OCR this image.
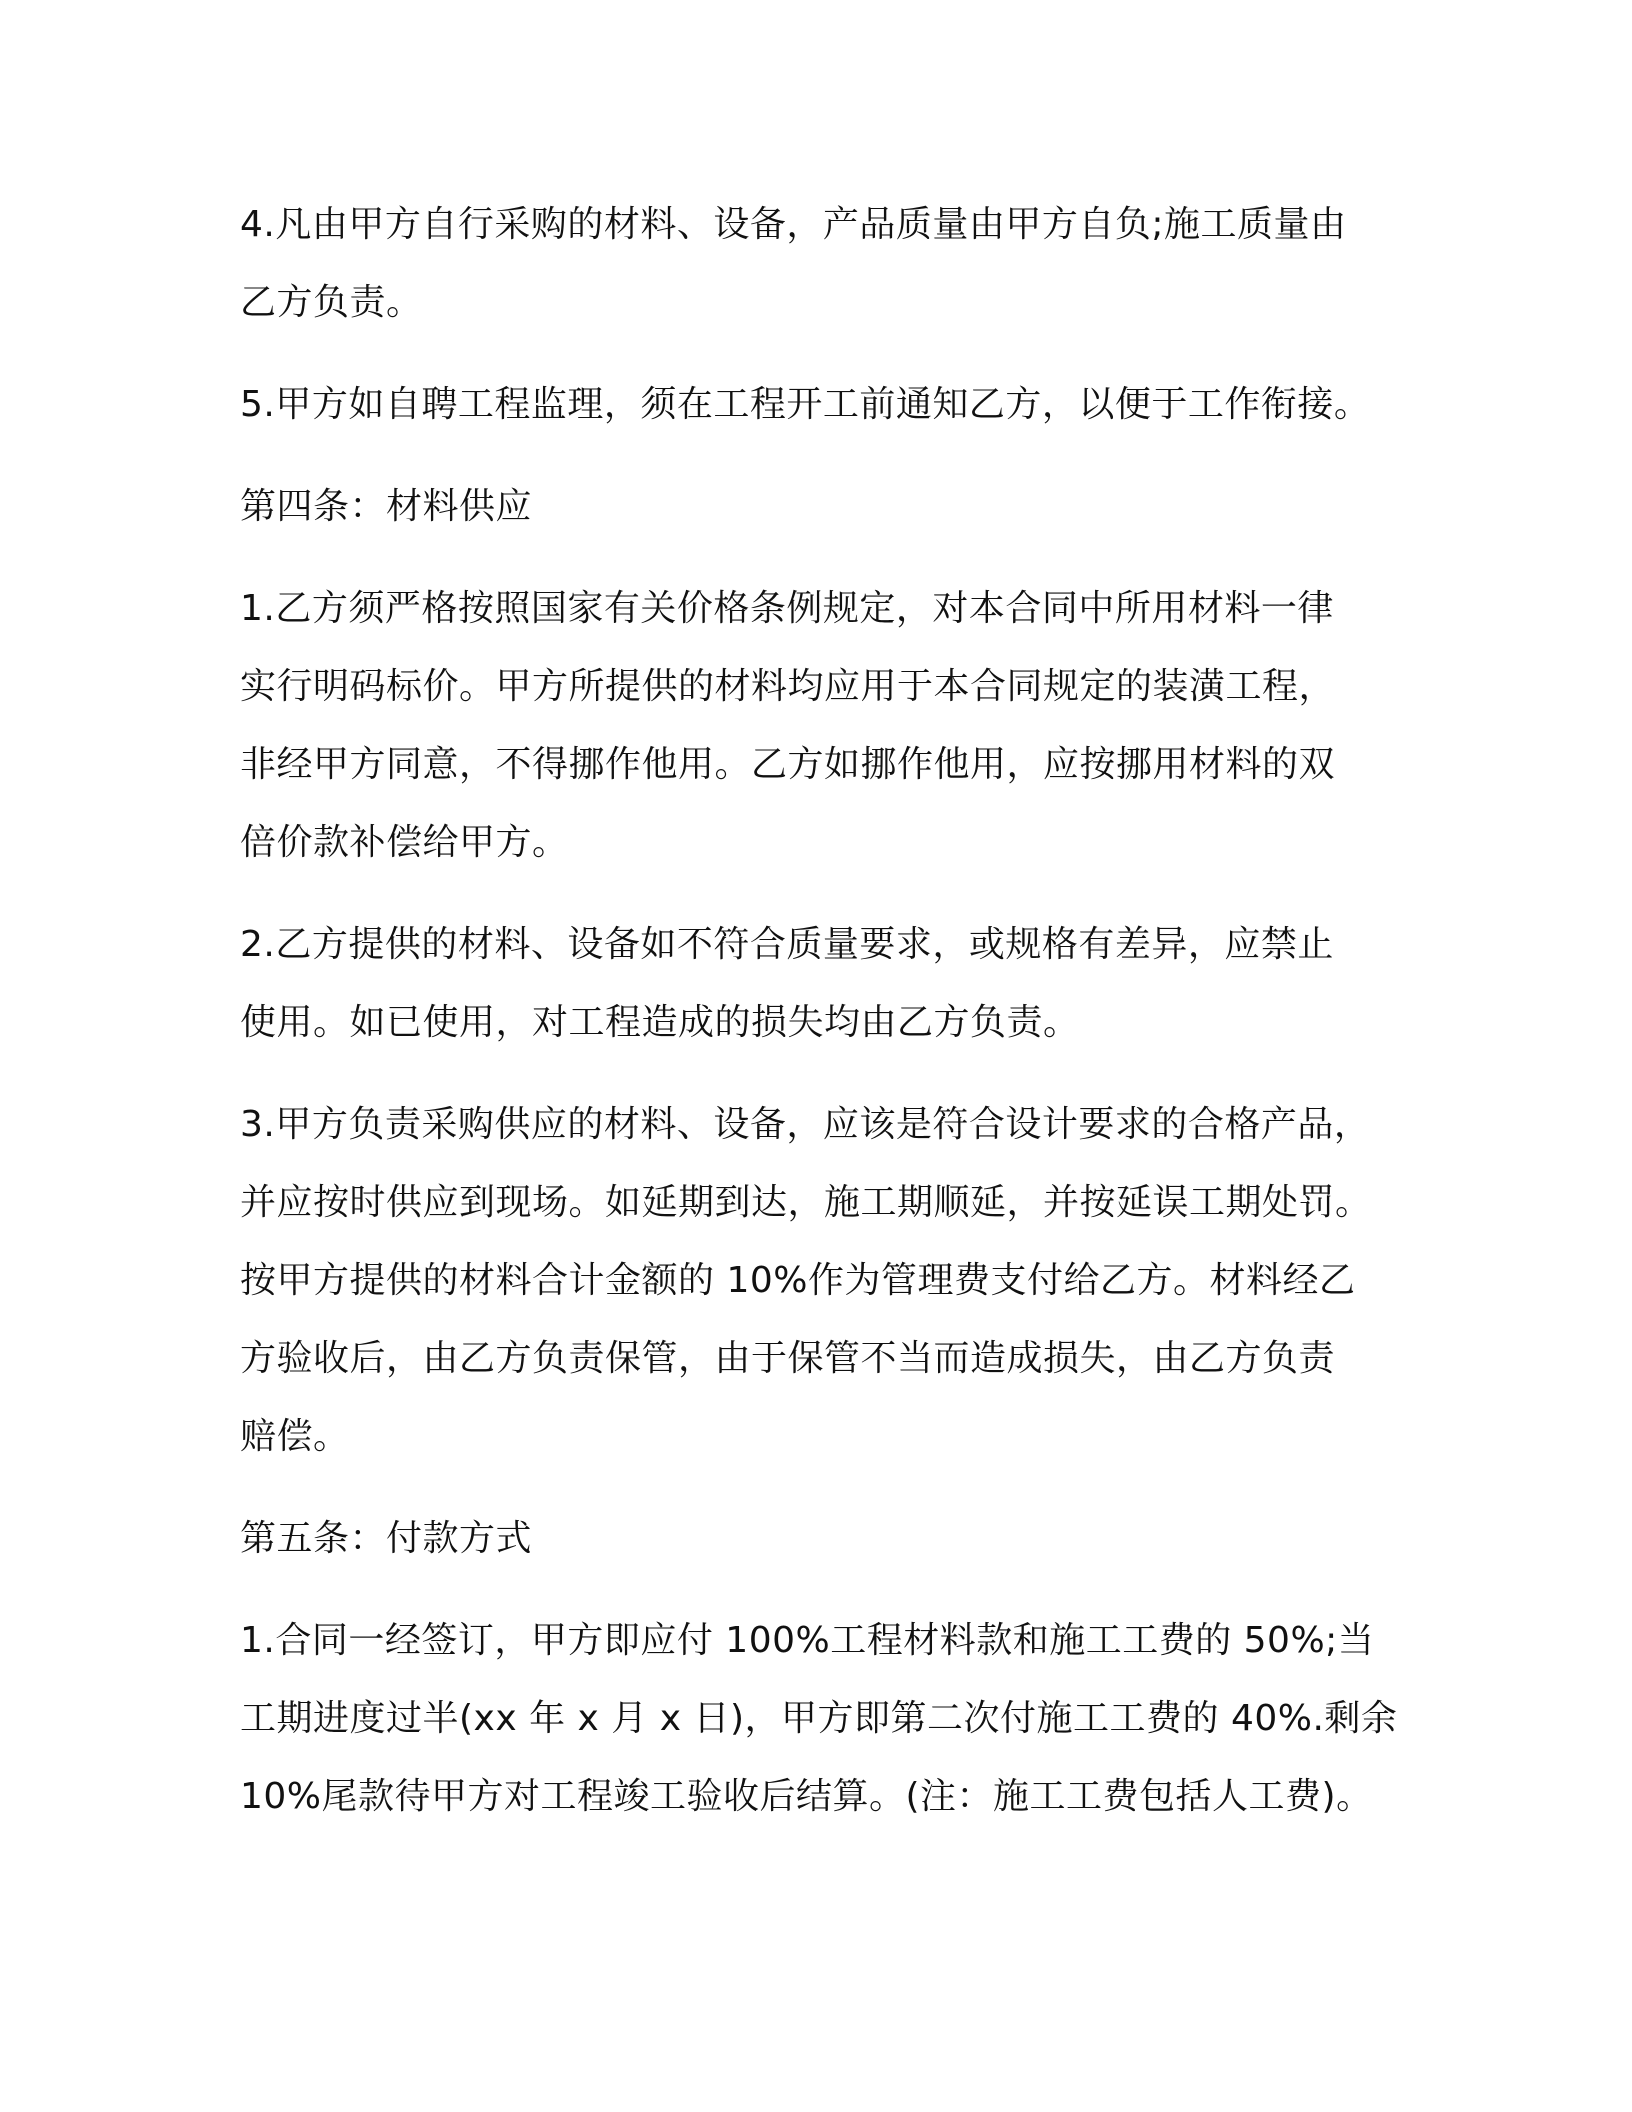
4.凡由甲方自行采购的材料、设备，产品质量由甲方自负;施工质量由

乙方负责。

5.甲方如自聘工程监理，须在工程开工前通知乙方，以便于工作衔接。

第四条：材料供应

1.乙方须严格按照国家有关价格条例规定，对本合同中所用材料一律

实行明码标价。甲方所提供的材料均应用于本合同规定的装潢工程，

非经甲方同意，不得挪作他用。乙方如挪作他用，应按挪用材料的双

倍价款补偿给甲方。

2.乙方提供的材料、设备如不符合质量要求，或规格有差异，应禁止

使用。如已使用，对工程造成的损失均由乙方负责。

3.甲方负责采购供应的材料、设备，应该是符合设计要求的合格产品，

并应按时供应到现场。如延期到达，施工期顺延，并按延误工期处罚。

按甲方提供的材料合计金额的 10%作为管理费支付给乙方。材料经乙

方验收后，由乙方负责保管，由于保管不当而造成损失，由乙方负责

赔偿。

第五条：付款方式

1.合同一经签订，甲方即应付 100%工程材料款和施工工费的 50%;当

工期进度过半(xx 年 x 月 x 日)，甲方即第二次付施工工费的 40%.剩余

10%尾款待甲方对工程竣工验收后结算。(注：施工工费包括人工费)。
